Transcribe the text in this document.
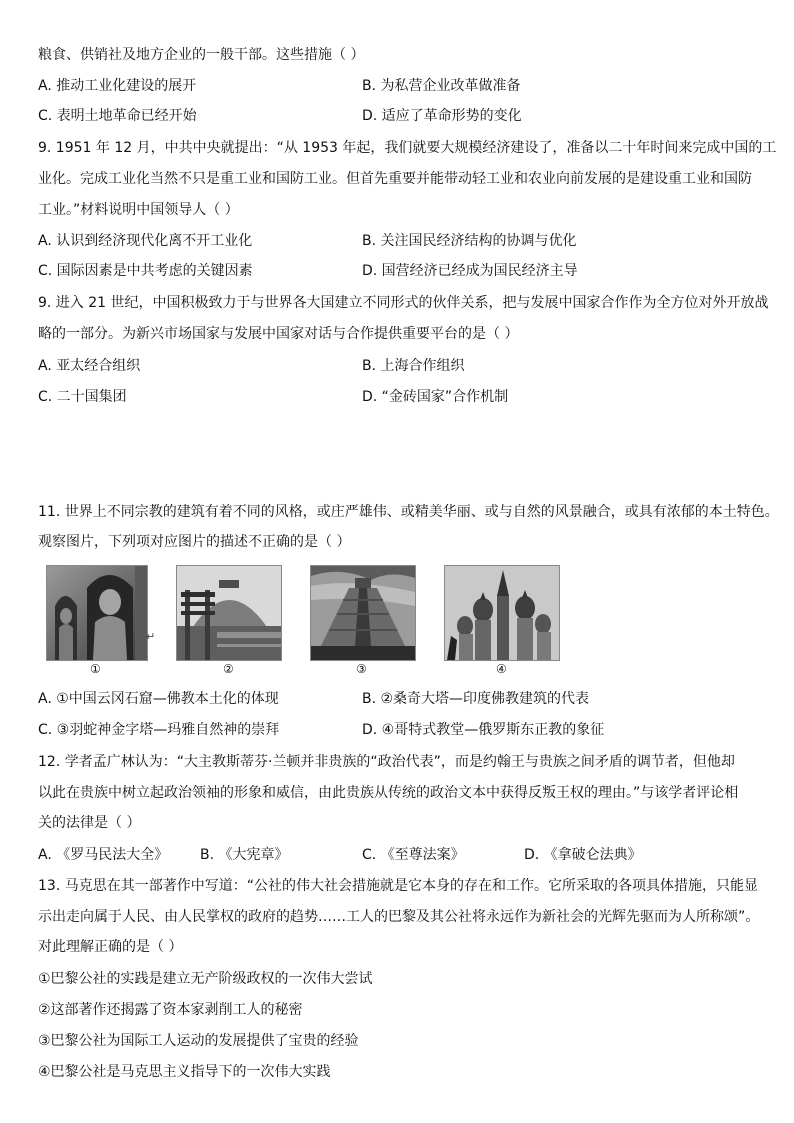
粮食、供销社及地方企业的一般干部。这些措施（ ）
A. 推动工业化建设的展开	B. 为私营企业改革做准备
C. 表明土地革命已经开始	D. 适应了革命形势的变化
9. 1951 年 12 月，中共中央就提出：“从 1953 年起，我们就要大规模经济建设了，准备以二十年时间来完成中国的工
业化。完成工业化当然不只是重工业和国防工业。但首先重要并能带动轻工业和农业向前发展的是建设重工业和国防
工业。”材料说明中国领导人（ ）
A. 认识到经济现代化离不开工业化	B. 关注国民经济结构的协调与优化
C. 国际因素是中共考虑的关键因素	D. 国营经济已经成为国民经济主导
9. 进入 21 世纪，中国积极致力于与世界各大国建立不同形式的伙伴关系，把与发展中国家合作作为全方位对外开放战
略的一部分。为新兴市场国家与发展中国家对话与合作提供重要平台的是（ ）
A. 亚太经合组织	B. 上海合作组织
C. 二十国集团	D. “金砖国家”合作机制
11. 世界上不同宗教的建筑有着不同的风格，或庄严雄伟、或精美华丽、或与自然的风景融合，或具有浓郁的本土特色。
观察图片，下列项对应图片的描述不正确的是（ ）
↵
①	②	③	④
A. ①中国云冈石窟—佛教本土化的体现	B. ②桑奇大塔—印度佛教建筑的代表
C. ③羽蛇神金字塔—玛雅自然神的崇拜	D. ④哥特式教堂—俄罗斯东正教的象征
12. 学者孟广林认为：“大主教斯蒂芬·兰顿并非贵族的“政治代表”，而是约翰王与贵族之间矛盾的调节者，但他却
以此在贵族中树立起政治领袖的形象和威信，由此贵族从传统的政治文本中获得反叛王权的理由。”与该学者评论相
关的法律是（ ）
A. 《罗马民法大全》 B. 《大宪章》	C. 《至尊法案》	D. 《拿破仑法典》
13. 马克思在其一部著作中写道：“公社的伟大社会措施就是它本身的存在和工作。它所采取的各项具体措施，只能显
示出走向属于人民、由人民掌权的政府的趋势……工人的巴黎及其公社将永远作为新社会的光辉先驱而为人所称颂”。
对此理解正确的是（ ）
①巴黎公社的实践是建立无产阶级政权的一次伟大尝试
②这部著作还揭露了资本家剥削工人的秘密
③巴黎公社为国际工人运动的发展提供了宝贵的经验
④巴黎公社是马克思主义指导下的一次伟大实践
